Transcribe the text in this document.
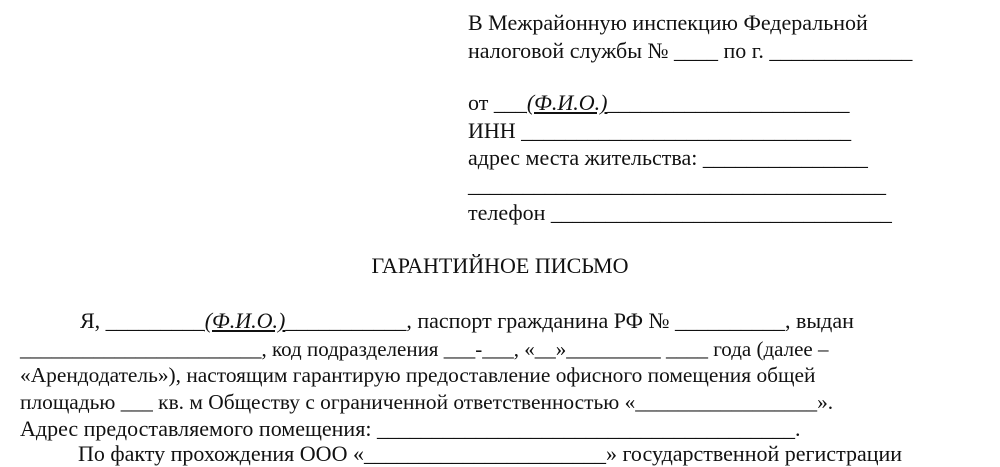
В Межрайонную инспекцию Федеральной
налоговой службы № ____ по г. _____________
от ___(Ф.И.О.)______________________
ИНН ______________________________
адрес места жительства: _______________
______________________________________
телефон _______________________________
ГАРАНТИЙНОЕ ПИСЬМО
Я, _________(Ф.И.О.)___________, паспорт гражданина РФ № __________, выдан
_______________________, код подразделения ___-___, «__»_________ ____ года (далее –
«Арендодатель»), настоящим гарантирую предоставление офисного помещения общей
площадью ___ кв. м Обществу с ограниченной ответственностью «_________________».
Адрес предоставляемого помещения: ______________________________________.
По факту прохождения ООО «______________________» государственной регистрации
